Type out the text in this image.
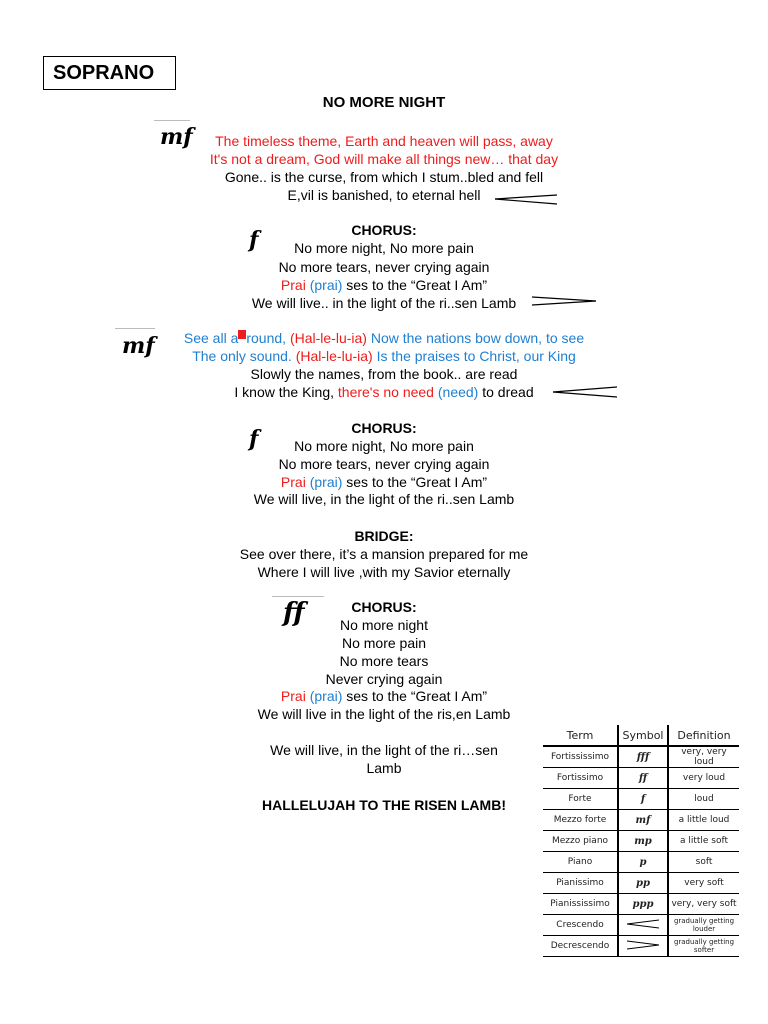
SOPRANO
NO MORE NIGHT
mf	The timeless theme, Earth and heaven will pass, away
It's not a dream, God will make all things new… that day
Gone.. is the curse, from which I stum..bled and fell
E,vil is banished, to eternal hell
CHORUS:
f	No more night, No more pain
No more tears, never crying again
Prai (prai) ses to the “Great I Am”
We will live.. in the light of the ri..sen Lamb
mf	See all a round, (Hal-le-lu-ia) Now the nations bow down, to see
The only sound. (Hal-le-lu-ia) Is the praises to Christ, our King
Slowly the names, from the book.. are read
I know the King, there's no need (need) to dread
CHORUS:
f	No more night, No more pain
No more tears, never crying again
Prai (prai) ses to the “Great I Am”
We will live, in the light of the ri..sen Lamb
BRIDGE:
See over there, it’s a mansion prepared for me
Where I will live ,with my Savior eternally
ff	CHORUS:
No more night
No more pain
No more tears
Never crying again
Prai (prai) ses to the “Great I Am”
We will live in the light of the ris,en Lamb
We will live, in the light of the ri…sen
Lamb
HALLELUJAH TO THE RISEN LAMB!
Term	Symbol	Definition
Fortississimo	fff	very, very loud
Fortissimo	ff	very loud
Forte	f	loud
Mezzo forte	mf	a little loud
Mezzo piano	mp	a little soft
Piano	p	soft
Pianissimo	pp	very soft
Pianississimo	ppp	very, very soft
Crescendo		gradually getting louder
Decrescendo		gradually getting softer
